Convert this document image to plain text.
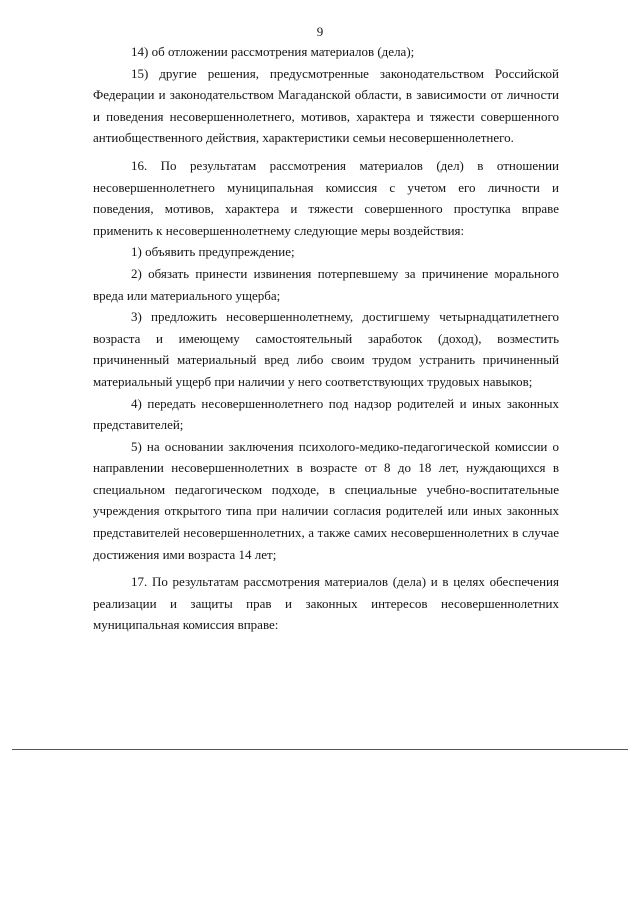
9

14) об отложении рассмотрения материалов (дела);

15) другие решения, предусмотренные законодательством Российской Федерации и законодательством Магаданской области, в зависимости от личности и поведения несовершеннолетнего, мотивов, характера и тяжести совершенного антиобщественного действия, характеристики семьи несовершеннолетнего.

16. По результатам рассмотрения материалов (дел) в отношении несовершеннолетнего муниципальная комиссия с учетом его личности и поведения, мотивов, характера и тяжести совершенного проступка вправе применить к несовершеннолетнему следующие меры воздействия:

1) объявить предупреждение;

2) обязать принести извинения потерпевшему за причинение морального вреда или материального ущерба;

3) предложить несовершеннолетнему, достигшему четырнадцатилетнего возраста и имеющему самостоятельный заработок (доход), возместить причиненный материальный вред либо своим трудом устранить причиненный материальный ущерб при наличии у него соответствующих трудовых навыков;

4) передать несовершеннолетнего под надзор родителей и иных законных представителей;

5) на основании заключения психолого-медико-педагогической комиссии о направлении несовершеннолетних в возрасте от 8 до 18 лет, нуждающихся в специальном педагогическом подходе, в специальные учебно-воспитательные учреждения открытого типа при наличии согласия родителей или иных законных представителей несовершеннолетних, а также самих несовершеннолетних в случае достижения ими возраста 14 лет;

17. По результатам рассмотрения материалов (дела) и в целях обеспечения реализации и защиты прав и законных интересов несовершеннолетних муниципальная комиссия вправе:
